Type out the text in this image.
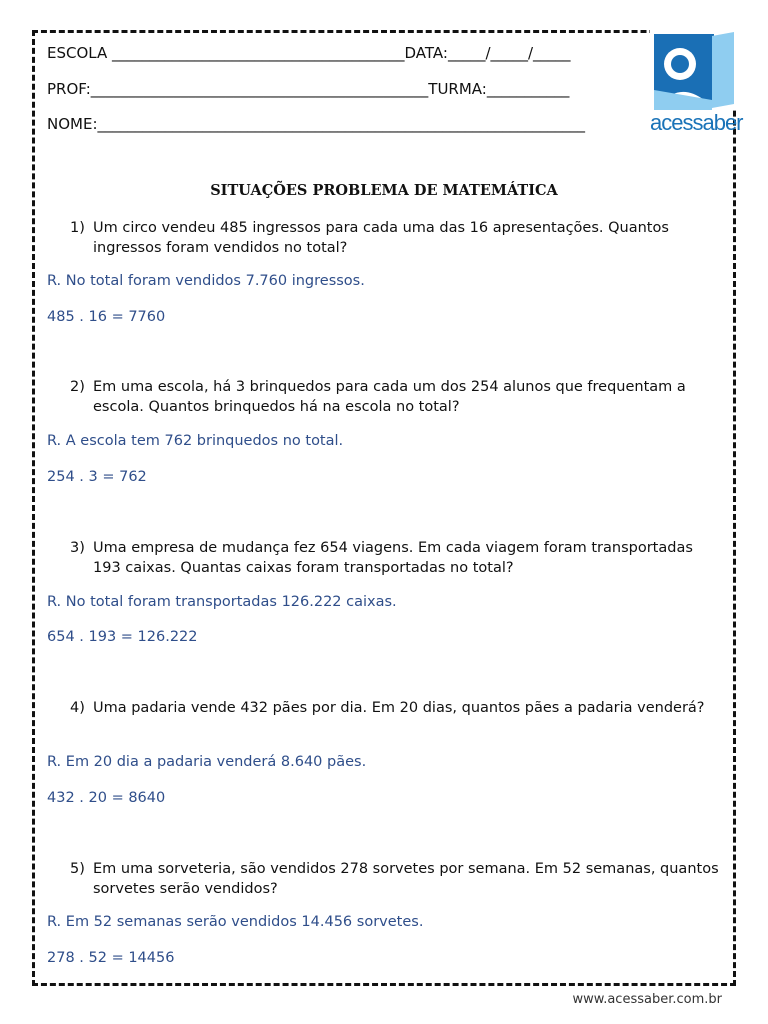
ESCOLA _______________________________________DATA:_____/_____/_____
PROF:_____________________________________________TURMA:___________
NOME:_________________________________________________________________	acessaber
SITUAÇÕES PROBLEMA DE MATEMÁTICA
1) Um circo vendeu 485 ingressos para cada uma das 16 apresentações. Quantos ingressos foram vendidos no total?
R. No total foram vendidos 7.760 ingressos.
485 . 16 = 7760
2) Em uma escola, há 3 brinquedos para cada um dos 254 alunos que frequentam a escola. Quantos brinquedos há na escola no total?
R. A escola tem 762 brinquedos no total.
254 . 3 = 762
3) Uma empresa de mudança fez 654 viagens. Em cada viagem foram transportadas 193 caixas. Quantas caixas foram transportadas no total?
R. No total foram transportadas 126.222 caixas.
654 . 193 = 126.222
4) Uma padaria vende 432 pães por dia. Em 20 dias, quantos pães a padaria venderá?
R. Em 20 dia a padaria venderá 8.640 pães.
432 . 20 = 8640
5) Em uma sorveteria, são vendidos 278 sorvetes por semana. Em 52 semanas, quantos sorvetes serão vendidos?
R. Em 52 semanas serão vendidos 14.456 sorvetes.
278 . 52 = 14456
www.acessaber.com.br
